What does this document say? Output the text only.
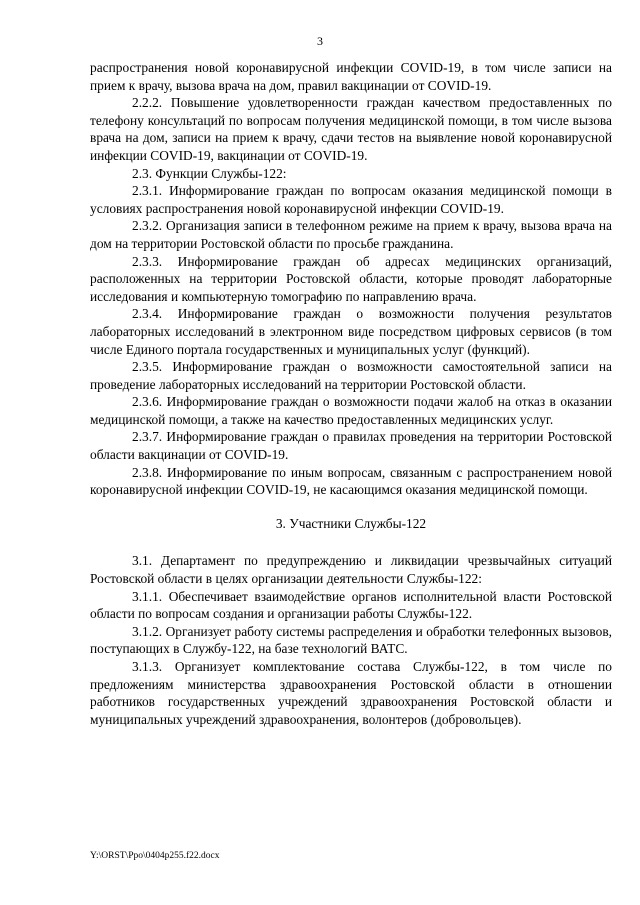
3

распространения новой коронавирусной инфекции COVID-19, в том числе записи на прием к врачу, вызова врача на дом, правил вакцинации от COVID-19.

2.2.2. Повышение удовлетворенности граждан качеством предоставленных по телефону консультаций по вопросам получения медицинской помощи, в том числе вызова врача на дом, записи на прием к врачу, сдачи тестов на выявление новой коронавирусной инфекции COVID-19, вакцинации от COVID-19.

2.3. Функции Службы-122:

2.3.1. Информирование граждан по вопросам оказания медицинской помощи в условиях распространения новой коронавирусной инфекции COVID-19.

2.3.2. Организация записи в телефонном режиме на прием к врачу, вызова врача на дом на территории Ростовской области по просьбе гражданина.

2.3.3. Информирование граждан об адресах медицинских организаций, расположенных на территории Ростовской области, которые проводят лабораторные исследования и компьютерную томографию по направлению врача.

2.3.4. Информирование граждан о возможности получения результатов лабораторных исследований в электронном виде посредством цифровых сервисов (в том числе Единого портала государственных и муниципальных услуг (функций).

2.3.5. Информирование граждан о возможности самостоятельной записи на проведение лабораторных исследований на территории Ростовской области.

2.3.6. Информирование граждан о возможности подачи жалоб на отказ в оказании медицинской помощи, а также на качество предоставленных медицинских услуг.

2.3.7. Информирование граждан о правилах проведения на территории Ростовской области вакцинации от COVID-19.

2.3.8. Информирование по иным вопросам, связанным с распространением новой коронавирусной инфекции COVID-19, не касающимся оказания медицинской помощи.

3. Участники Службы-122

3.1. Департамент по предупреждению и ликвидации чрезвычайных ситуаций Ростовской области в целях организации деятельности Службы-122:

3.1.1. Обеспечивает взаимодействие органов исполнительной власти Ростовской области по вопросам создания и организации работы Службы-122.

3.1.2. Организует работу системы распределения и обработки телефонных вызовов, поступающих в Службу-122, на базе технологий ВАТС.

3.1.3. Организует комплектование состава Службы-122, в том числе по предложениям министерства здравоохранения Ростовской области в отношении работников государственных учреждений здравоохранения Ростовской области и муниципальных учреждений здравоохранения, волонтеров (добровольцев).

Y:\ORST\Ppo\0404p255.f22.docx
